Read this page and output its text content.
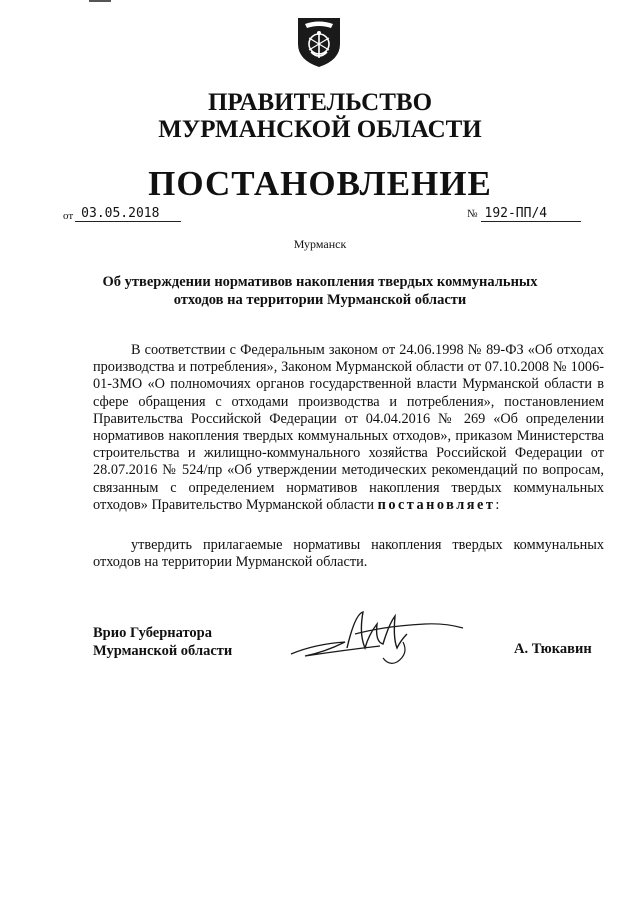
ПРАВИТЕЛЬСТВО
МУРМАНСКОЙ ОБЛАСТИ
ПОСТАНОВЛЕНИЕ
от 03.05.2018	№ 192-ПП/4
Мурманск
Об утверждении нормативов накопления твердых коммунальных
отходов на территории Мурманской области

В соответствии с Федеральным законом от 24.06.1998 № 89-ФЗ «Об отходах производства и потребления», Законом Мурманской области от 07.10.2008 № 1006-01-ЗМО «О полномочиях органов государственной власти Мурманской области в сфере обращения с отходами производства и потребления», постановлением Правительства Российской Федерации от 04.04.2016 № 269 «Об определении нормативов накопления твердых коммунальных отходов», приказом Министерства строительства и жилищно-коммунального хозяйства Российской Федерации от 28.07.2016 № 524/пр «Об утверждении методических рекомендаций по вопросам, связанным с определением нормативов накопления твердых коммунальных отходов» Правительство Мурманской области постановляет:

утвердить прилагаемые нормативы накопления твердых коммунальных отходов на территории Мурманской области.

Врио Губернатора
Мурманской области	А. Тюкавин
